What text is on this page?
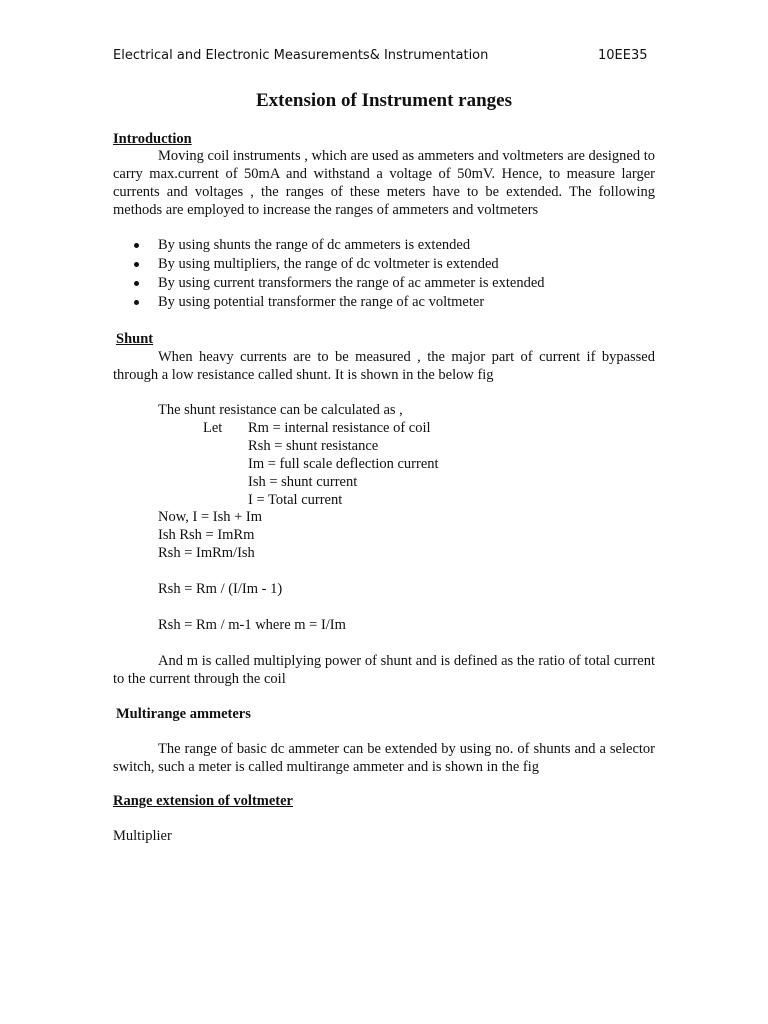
Electrical and Electronic Measurements& Instrumentation	10EE35
Extension of Instrument ranges
Introduction

Moving coil instruments , which are used as ammeters and voltmeters are designed to carry max.current of 50mA and withstand a voltage of 50mV. Hence, to measure larger currents and voltages , the ranges of these meters have to be extended. The following methods are employed to increase the ranges of ammeters and voltmeters

By using shunts the range of dc ammeters is extended
By using multipliers, the range of dc voltmeter is extended
By using current transformers the range of ac ammeter is extended
By using potential transformer the range of ac voltmeter
Shunt

When heavy currents are to be measured , the major part of current if bypassed through a low resistance called shunt. It is shown in the below fig

The shunt resistance can be calculated as ,
Let Rm = internal resistance of coil
Rsh = shunt resistance
Im = full scale deflection current
Ish = shunt current
I = Total current
Now, I = Ish + Im
Ish Rsh = ImRm
Rsh = ImRm/Ish
Rsh = Rm / (I/Im - 1)
Rsh = Rm / m-1 where m = I/Im

And m is called multiplying power of shunt and is defined as the ratio of total current to the current through the coil

Multirange ammeters

The range of basic dc ammeter can be extended by using no. of shunts and a selector switch, such a meter is called multirange ammeter and is shown in the fig

Range extension of voltmeter
Multiplier
